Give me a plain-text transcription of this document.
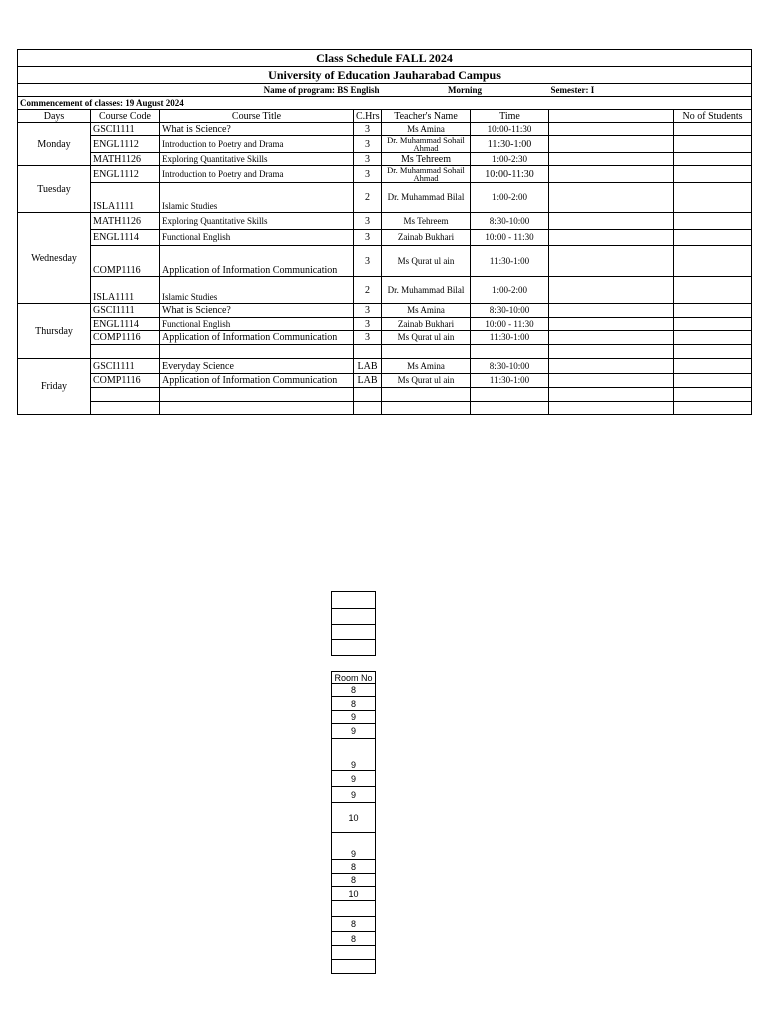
Class Schedule FALL 2024							
University of Education Jauharabad Campus							
		Name of program: BS English		Morning		Semester: I	
Commencement of classes: 19 August 2024							
Days	Course Code	Course Title	C.Hrs	Teacher's Name	Time		No of Students
Monday	GSCI1111	What is Science?	3	Ms Amina	10:00-11:30		
	ENGL1112	Introduction to Poetry and Drama	3	Dr. Muhammad Sohail Ahmad	11:30-1:00		
	MATH1126	Exploring Quantitative Skills	3	Ms Tehreem	1:00-2:30		
Tuesday	ENGL1112	Introduction to Poetry and Drama	3	Dr. Muhammad Sohail Ahmad	10:00-11:30		
	ISLA1111	Islamic Studies	2	Dr. Muhammad Bilal	1:00-2:00		
Wednesday	MATH1126	Exploring Quantitative Skills	3	Ms Tehreem	8:30-10:00		
	ENGL1114	Functional English	3	Zainab Bukhari	10:00 - 11:30		
	COMP1116	Application of Information Communication	3	Ms Qurat ul ain	11:30-1:00		
	ISLA1111	Islamic Studies	2	Dr. Muhammad Bilal	1:00-2:00		
Thursday	GSCI1111	What is Science?	3	Ms Amina	8:30-10:00		
	ENGL1114	Functional English	3	Zainab Bukhari	10:00 - 11:30		
	COMP1116	Application of Information Communication	3	Ms Qurat ul ain	11:30-1:00		

Friday	GSCI1111	Everyday Science	LAB	Ms Amina	8:30-10:00		
	COMP1116	Application of Information Communication	LAB	Ms Qurat ul ain	11:30-1:00		

Room No
8
8
9
9
9
9
9
10
9
8
8
10

8
8
